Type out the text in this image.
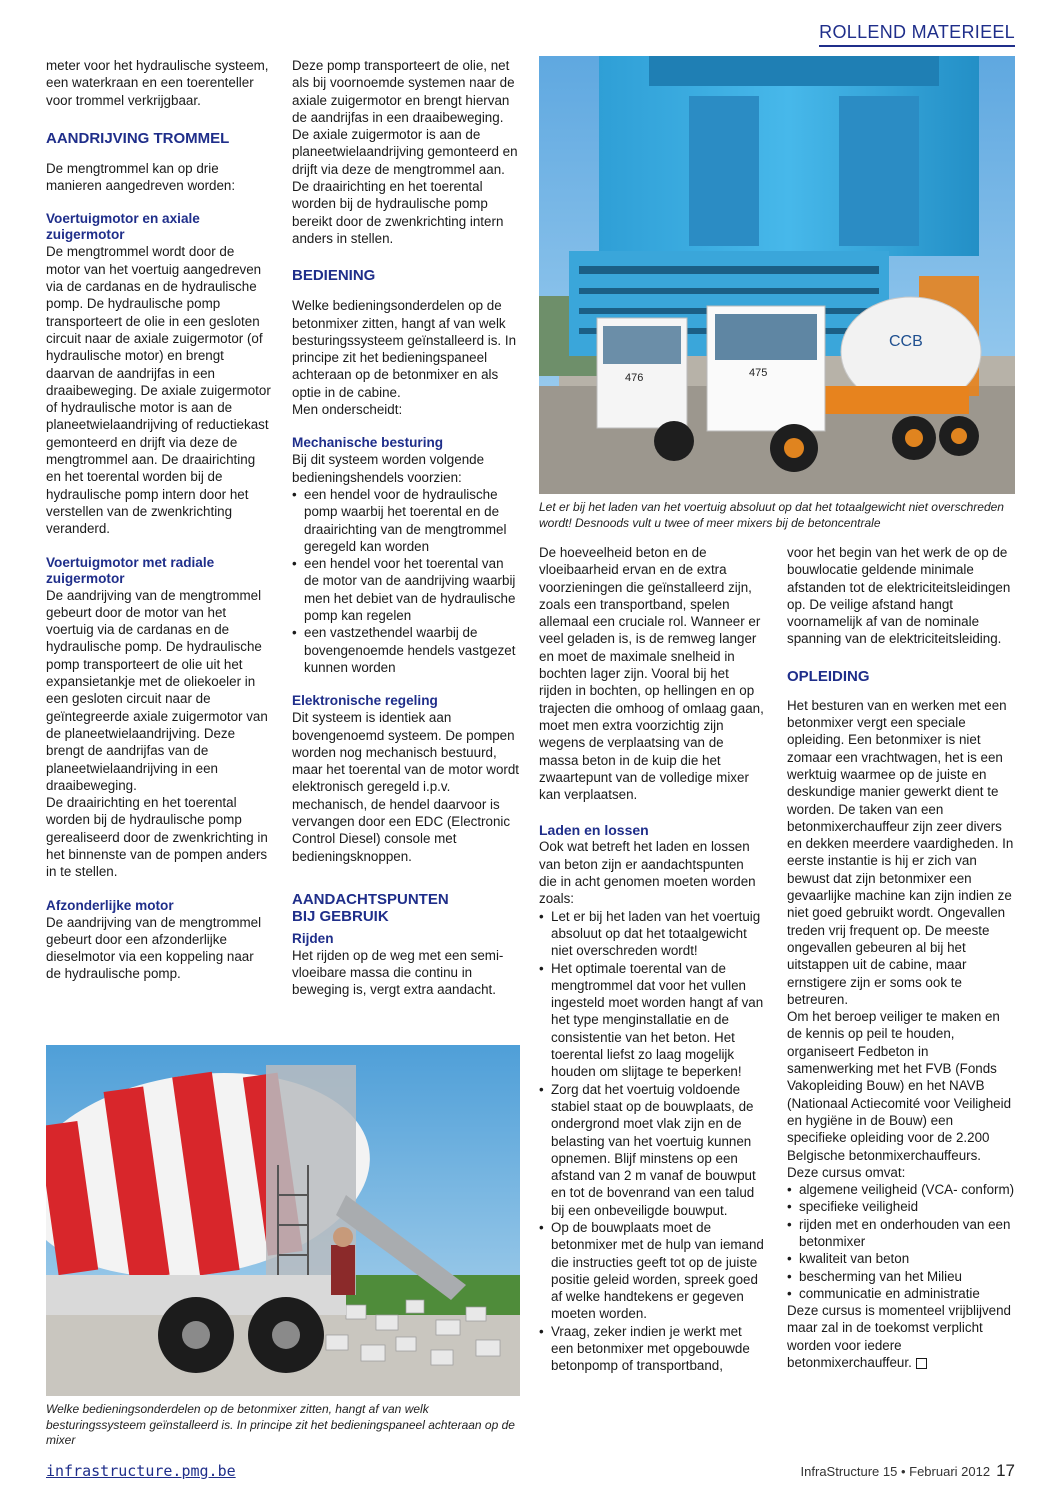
ROLLEND MATERIEEL

meter voor het hydraulische systeem, een waterkraan en een toerenteller voor trommel verkrijgbaar.

AANDRIJVING TROMMEL

De mengtrommel kan op drie manieren aangedreven worden:

Voertuigmotor en axiale zuigermotor

De mengtrommel wordt door de motor van het voertuig aangedreven via de cardanas en de hydraulische pomp. De hydraulische pomp transporteert de olie in een gesloten circuit naar de axiale zuigermotor (of hydraulische motor) en brengt daarvan de aandrijfas in een draaibeweging. De axiale zuigermotor of hydraulische motor is aan de planeetwielaandrijving of reductiekast gemonteerd en drijft via deze de mengtrommel aan. De draairichting en het toerental worden bij de hydraulische pomp intern door het verstellen van de zwenkrichting veranderd.

Voertuigmotor met radiale zuigermotor

De aandrijving van de mengtrommel gebeurt door de motor van het voertuig via de cardanas en de hydraulische pomp. De hydraulische pomp transporteert de olie uit het expansietankje met de oliekoeler in een gesloten circuit naar de geïntegreerde axiale zuigermotor van de planeetwielaandrijving. Deze brengt de aandrijfas van de planeetwielaandrijving in een draaibeweging.

De draairichting en het toerental worden bij de hydraulische pomp gerealiseerd door de zwenkrichting in het binnenste van de pompen anders in te stellen.

Afzonderlijke motor

De aandrijving van de mengtrommel gebeurt door een afzonderlijke dieselmotor via een koppeling naar de hydraulische pomp.

Deze pomp transporteert de olie, net als bij voornoemde systemen naar de axiale zuigermotor en brengt hiervan de aandrijfas in een draaibeweging. De axiale zuigermotor is aan de planeetwielaandrijving gemonteerd en drijft via deze de mengtrommel aan. De draairichting en het toerental worden bij de hydraulische pomp bereikt door de zwenkrichting intern anders in stellen.

BEDIENING

Welke bedieningsonderdelen op de betonmixer zitten, hangt af van welk besturingssysteem geïnstalleerd is. In principe zit het bedieningspaneel achteraan op de betonmixer en als optie in de cabine.

Men onderscheidt:

Mechanische besturing

Bij dit systeem worden volgende bedieningshendels voorzien:

• een hendel voor de hydraulische pomp waarbij het toerental en de draairichting van de mengtrommel geregeld kan worden
• een hendel voor het toerental van de motor van de aandrijving waarbij men het debiet van de hydraulische pomp kan regelen
• een vastzethendel waarbij de bovengenoemde hendels vastgezet kunnen worden
Elektronische regeling

Dit systeem is identiek aan bovengenoemd systeem. De pompen worden nog mechanisch bestuurd, maar het toerental van de motor wordt elektronisch geregeld i.p.v. mechanisch, de hendel daarvoor is vervangen door een EDC (Electronic Control Diesel) console met bedieningsknoppen.

AANDACHTSPUNTEN BIJ GEBRUIK
Rijden

Het rijden op de weg met een semi-vloeibare massa die continu in beweging is, vergt extra aandacht.

CCB
476	475
Let er bij het laden van het voertuig absoluut op dat het totaalgewicht niet overschreden wordt! Desnoods vult u twee of meer mixers bij de betoncentrale

De hoeveelheid beton en de vloeibaarheid ervan en de extra voorzieningen die geïnstalleerd zijn, zoals een transportband, spelen allemaal een cruciale rol. Wanneer er veel geladen is, is de remweg langer en moet de maximale snelheid in bochten lager zijn. Vooral bij het rijden in bochten, op hellingen en op trajecten die omhoog of omlaag gaan, moet men extra voorzichtig zijn wegens de verplaatsing van de massa beton in de kuip die het zwaartepunt van de volledige mixer kan verplaatsen.

Laden en lossen

Ook wat betreft het laden en lossen van beton zijn er aandachtspunten die in acht genomen moeten worden zoals:

• Let er bij het laden van het voertuig absoluut op dat het totaalgewicht niet overschreden wordt!
• Het optimale toerental van de mengtrommel dat voor het vullen ingesteld moet worden hangt af van het type menginstallatie en de consistentie van het beton. Het toerental liefst zo laag mogelijk houden om slijtage te beperken!
• Zorg dat het voertuig voldoende stabiel staat op de bouwplaats, de ondergrond moet vlak zijn en de belasting van het voertuig kunnen opnemen. Blijf minstens op een afstand van 2 m vanaf de bouwput en tot de bovenrand van een talud bij een onbeveiligde bouwput.
• Op de bouwplaats moet de betonmixer met de hulp van iemand die instructies geeft tot op de juiste positie geleid worden, spreek goed af welke handtekens er gegeven moeten worden.
• Vraag, zeker indien je werkt met een betonmixer met opgebouwde betonpomp of transportband,

voor het begin van het werk de op de bouwlocatie geldende minimale afstanden tot de elektriciteitsleidingen op. De veilige afstand hangt voornamelijk af van de nominale spanning van de elektriciteitsleiding.

OPLEIDING

Het besturen van en werken met een betonmixer vergt een speciale opleiding. Een betonmixer is niet zomaar een vrachtwagen, het is een werktuig waarmee op de juiste en deskundige manier gewerkt dient te worden. De taken van een betonmixerchauffeur zijn zeer divers en dekken meerdere vaardigheden. In eerste instantie is hij er zich van bewust dat zijn betonmixer een gevaarlijke machine kan zijn indien ze niet goed gebruikt wordt. Ongevallen treden vrij frequent op. De meeste ongevallen gebeuren al bij het uitstappen uit de cabine, maar ernstigere zijn er soms ook te betreuren.

Om het beroep veiliger te maken en de kennis op peil te houden, organiseert Fedbeton in samenwerking met het FVB (Fonds Vakopleiding Bouw) en het NAVB (Nationaal Actiecomité voor Veiligheid en hygiëne in de Bouw) een specifieke opleiding voor de 2.200 Belgische betonmixerchauffeurs.

Deze cursus omvat:

• algemene veiligheid (VCA- conform)
• specifieke veiligheid
• rijden met en onderhouden van een betonmixer
• kwaliteit van beton
• bescherming van het Milieu
• communicatie en administratie

Deze cursus is momenteel vrijblijvend maar zal in de toekomst verplicht worden voor iedere betonmixerchauffeur.

Welke bedieningsonderdelen op de betonmixer zitten, hangt af van welk besturingssysteem geïnstalleerd is. In principe zit het bedieningspaneel achteraan op de mixer
infrastructure.pmg.be	InfraStructure 15 • Februari 2012 17
